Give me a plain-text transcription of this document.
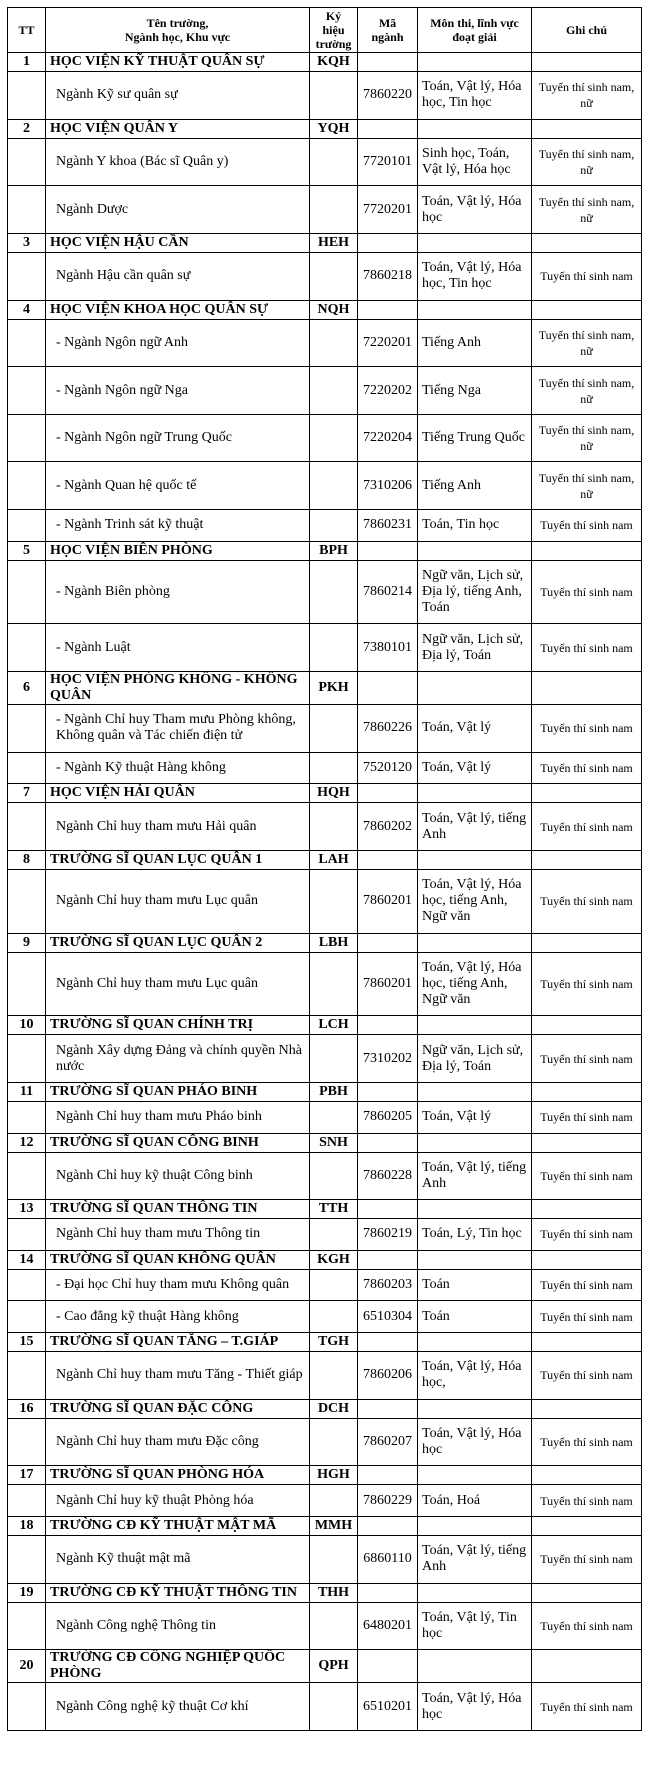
TT	Tên trường,
Ngành học, Khu vực	Ký hiệu trường	Mã ngành	Môn thi, lĩnh vực đoạt giải	Ghi chú
1	HỌC VIỆN KỸ THUẬT QUÂN SỰ	KQH			
	Ngành Kỹ sư quân sự		7860220	Toán, Vật lý, Hóa học, Tin học	Tuyển thí sinh nam, nữ
2	HỌC VIỆN QUÂN Y	YQH			
	Ngành Y khoa (Bác sĩ Quân y)		7720101	Sinh học, Toán, Vật lý, Hóa học	Tuyển thí sinh nam, nữ
	Ngành Dược		7720201	Toán, Vật lý, Hóa học	Tuyển thí sinh nam, nữ
3	HỌC VIỆN HẬU CẦN	HEH			
	Ngành Hậu cần quân sự		7860218	Toán, Vật lý, Hóa học, Tin học	Tuyển thí sinh nam
4	HỌC VIỆN KHOA HỌC QUÂN SỰ	NQH			
	- Ngành Ngôn ngữ Anh		7220201	Tiếng Anh	Tuyển thí sinh nam, nữ
	- Ngành Ngôn ngữ Nga		7220202	Tiếng Nga	Tuyển thí sinh nam, nữ
	- Ngành Ngôn ngữ Trung Quốc		7220204	Tiếng Trung Quốc	Tuyển thí sinh nam, nữ
	- Ngành Quan hệ quốc tế		7310206	Tiếng Anh	Tuyển thí sinh nam, nữ
	- Ngành Trinh sát kỹ thuật		7860231	Toán, Tin học	Tuyển thí sinh nam
5	HỌC VIỆN BIÊN PHÒNG	BPH			
	- Ngành Biên phòng		7860214	Ngữ văn, Lịch sử, Địa lý, tiếng Anh, Toán	Tuyển thí sinh nam
	- Ngành Luật		7380101	Ngữ văn, Lịch sử, Địa lý, Toán	Tuyển thí sinh nam
6	HỌC VIỆN PHÒNG KHÔNG - KHÔNG QUÂN	PKH			
	- Ngành Chỉ huy Tham mưu Phòng không, Không quân và Tác chiến điện tử		7860226	Toán, Vật lý	Tuyển thí sinh nam
	- Ngành Kỹ thuật Hàng không		7520120	Toán, Vật lý	Tuyển thí sinh nam
7	HỌC VIỆN HẢI QUÂN	HQH			
	Ngành Chỉ huy tham mưu Hải quân		7860202	Toán, Vật lý, tiếng Anh	Tuyển thí sinh nam
8	TRƯỜNG SĨ QUAN LỤC QUÂN 1	LAH			
	Ngành Chỉ huy tham mưu Lục quân		7860201	Toán, Vật lý, Hóa học, tiếng Anh, Ngữ văn	Tuyển thí sinh nam
9	TRƯỜNG SĨ QUAN LỤC QUÂN 2	LBH			
	Ngành Chỉ huy tham mưu Lục quân		7860201	Toán, Vật lý, Hóa học, tiếng Anh, Ngữ văn	Tuyển thí sinh nam
10	TRƯỜNG SĨ QUAN CHÍNH TRỊ	LCH			
	Ngành Xây dựng Đảng và chính quyền Nhà nước		7310202	Ngữ văn, Lịch sử, Địa lý, Toán	Tuyển thí sinh nam
11	TRƯỜNG SĨ QUAN PHÁO BINH	PBH			
	Ngành Chỉ huy tham mưu Pháo binh		7860205	Toán, Vật lý	Tuyển thí sinh nam
12	TRƯỜNG SĨ QUAN CÔNG BINH	SNH			
	Ngành Chỉ huy kỹ thuật Công binh		7860228	Toán, Vật lý, tiếng Anh	Tuyển thí sinh nam
13	TRƯỜNG SĨ QUAN THÔNG TIN	TTH			
	Ngành Chỉ huy tham mưu Thông tin		7860219	Toán, Lý, Tin học	Tuyển thí sinh nam
14	TRƯỜNG SĨ QUAN KHÔNG QUÂN	KGH			
	- Đại học Chỉ huy tham mưu Không quân		7860203	Toán	Tuyển thí sinh nam
	- Cao đẳng kỹ thuật Hàng không		6510304	Toán	Tuyển thí sinh nam
15	TRƯỜNG SĨ QUAN TĂNG – T.GIÁP	TGH			
	Ngành Chỉ huy tham mưu Tăng - Thiết giáp		7860206	Toán, Vật lý, Hóa học,	Tuyển thí sinh nam
16	TRƯỜNG SĨ QUAN ĐẶC CÔNG	DCH			
	Ngành Chỉ huy tham mưu Đặc công		7860207	Toán, Vật lý, Hóa học	Tuyển thí sinh nam
17	TRƯỜNG SĨ QUAN PHÒNG HÓA	HGH			
	Ngành Chỉ huy kỹ thuật Phòng hóa		7860229	Toán, Hoá	Tuyển thí sinh nam
18	TRƯỜNG CĐ KỸ THUẬT MẬT MÃ	MMH			
	Ngành Kỹ thuật mật mã		6860110	Toán, Vật lý, tiếng Anh	Tuyển thí sinh nam
19	TRƯỜNG CĐ KỸ THUẬT THÔNG TIN	THH			
	Ngành Công nghệ Thông tin		6480201	Toán, Vật lý, Tin học	Tuyển thí sinh nam
20	TRƯỜNG CĐ CÔNG NGHIỆP QUỐC PHÒNG	QPH			
	Ngành Công nghệ kỹ thuật Cơ khí		6510201	Toán, Vật lý, Hóa học	Tuyển thí sinh nam
